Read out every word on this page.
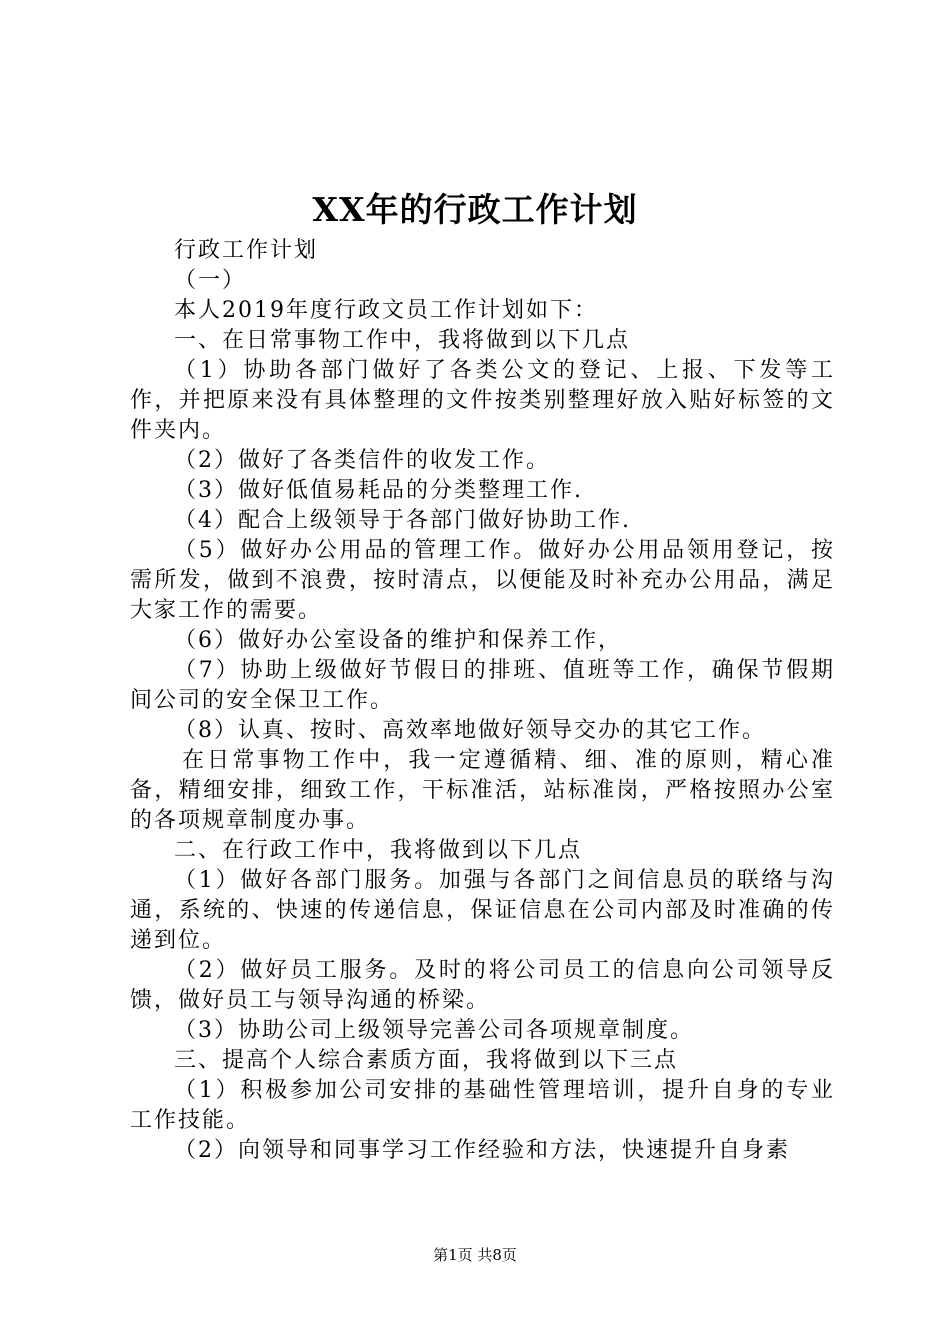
XX年的行政工作计划

行政工作计划

（一）

本人2019年度行政文员工作计划如下：

一、在日常事物工作中，我将做到以下几点

（1）协助各部门做好了各类公文的登记、上报、下发等工作，并把原来没有具体整理的文件按类别整理好放入贴好标签的文件夹内。

（2）做好了各类信件的收发工作。

（3）做好低值易耗品的分类整理工作.

（4）配合上级领导于各部门做好协助工作.

（5）做好办公用品的管理工作。做好办公用品领用登记，按需所发，做到不浪费，按时清点，以便能及时补充办公用品，满足大家工作的需要。

（6）做好办公室设备的维护和保养工作，

（7）协助上级做好节假日的排班、值班等工作，确保节假期间公司的安全保卫工作。

（8）认真、按时、高效率地做好领导交办的其它工作。

在日常事物工作中，我一定遵循精、细、准的原则，精心准备，精细安排，细致工作，干标准活，站标准岗，严格按照办公室的各项规章制度办事。

二、在行政工作中，我将做到以下几点

（1）做好各部门服务。加强与各部门之间信息员的联络与沟通，系统的、快速的传递信息，保证信息在公司内部及时准确的传递到位。

（2）做好员工服务。及时的将公司员工的信息向公司领导反馈，做好员工与领导沟通的桥梁。

（3）协助公司上级领导完善公司各项规章制度。

三、提高个人综合素质方面，我将做到以下三点

（1）积极参加公司安排的基础性管理培训，提升自身的专业工作技能。

（2）向领导和同事学习工作经验和方法，快速提升自身素

第1页 共8页
